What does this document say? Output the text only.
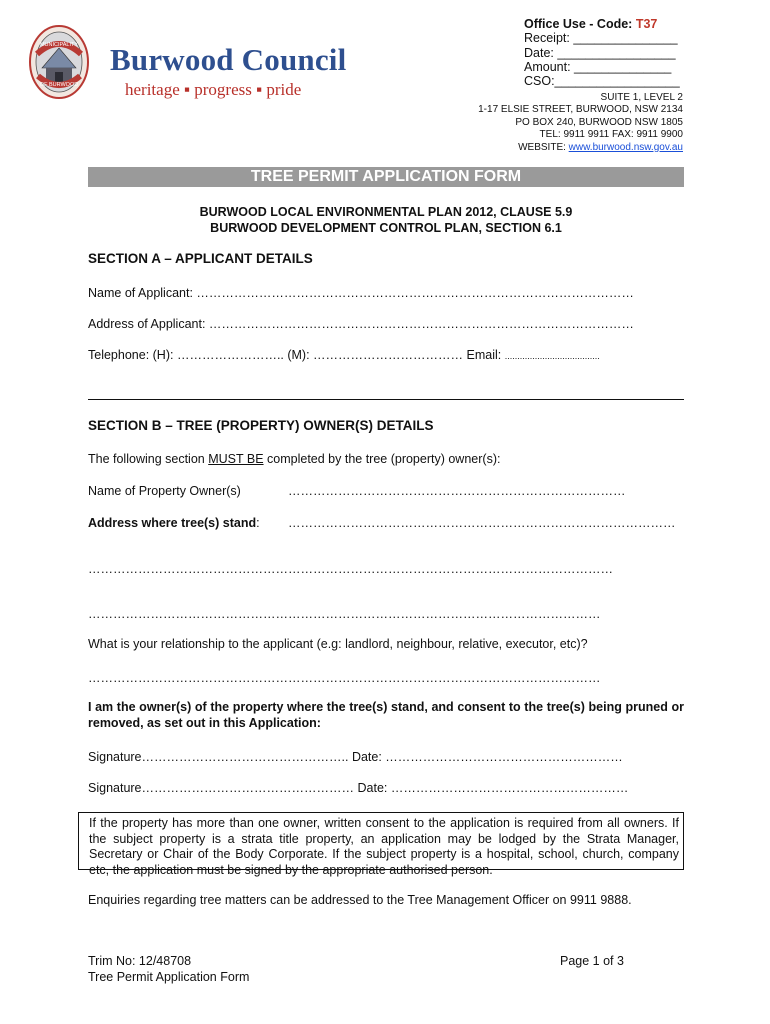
MUNICIPALITY
OF BURWOOD
Burwood Council
heritage ▪ progress ▪ pride
Office Use - Code: T37
Receipt: _______________
Date: _________________
Amount: ______________
CSO:__________________
SUITE 1, LEVEL 2
1-17 ELSIE STREET, BURWOOD, NSW 2134
PO BOX 240, BURWOOD NSW 1805
TEL: 9911 9911 FAX: 9911 9900
WEBSITE: www.burwood.nsw.gov.au
TREE PERMIT APPLICATION FORM
BURWOOD LOCAL ENVIRONMENTAL PLAN 2012, CLAUSE 5.9
BURWOOD DEVELOPMENT CONTROL PLAN, SECTION 6.1
SECTION A – APPLICANT DETAILS
Name of Applicant: ……………………………………………………………………………………………
Address of Applicant: …………………………………………………………………………………………
Telephone: (H): …………………….. (M): ……………………………… Email: ......................................
SECTION B – TREE (PROPERTY) OWNER(S) DETAILS
The following section MUST BE completed by the tree (property) owner(s):
Name of Property Owner(s)	………………………………………………………………………
Address where tree(s) stand: …………………………………………………………………………………
………………………………………………………………………………………………………………
……………………………………………………………………………………………………………
What is your relationship to the applicant (e.g: landlord, neighbour, relative, executor, etc)?
……………………………………………………………………………………………………………
I am the owner(s) of the property where the tree(s) stand, and consent to the tree(s) being pruned or removed, as set out in this Application:
Signature………………………………………….. Date: …………………………………………………
Signature…………………………………………… Date: …………………………………………………
If the property has more than one owner, written consent to the application is required from all owners. If the subject property is a strata title property, an application may be lodged by the Strata Manager, Secretary or Chair of the Body Corporate. If the subject property is a hospital, school, church, company etc, the application must be signed by the appropriate authorised person.
Enquiries regarding tree matters can be addressed to the Tree Management Officer on 9911 9888.
Trim No: 12/48708
Tree Permit Application Form
Page 1 of 3
